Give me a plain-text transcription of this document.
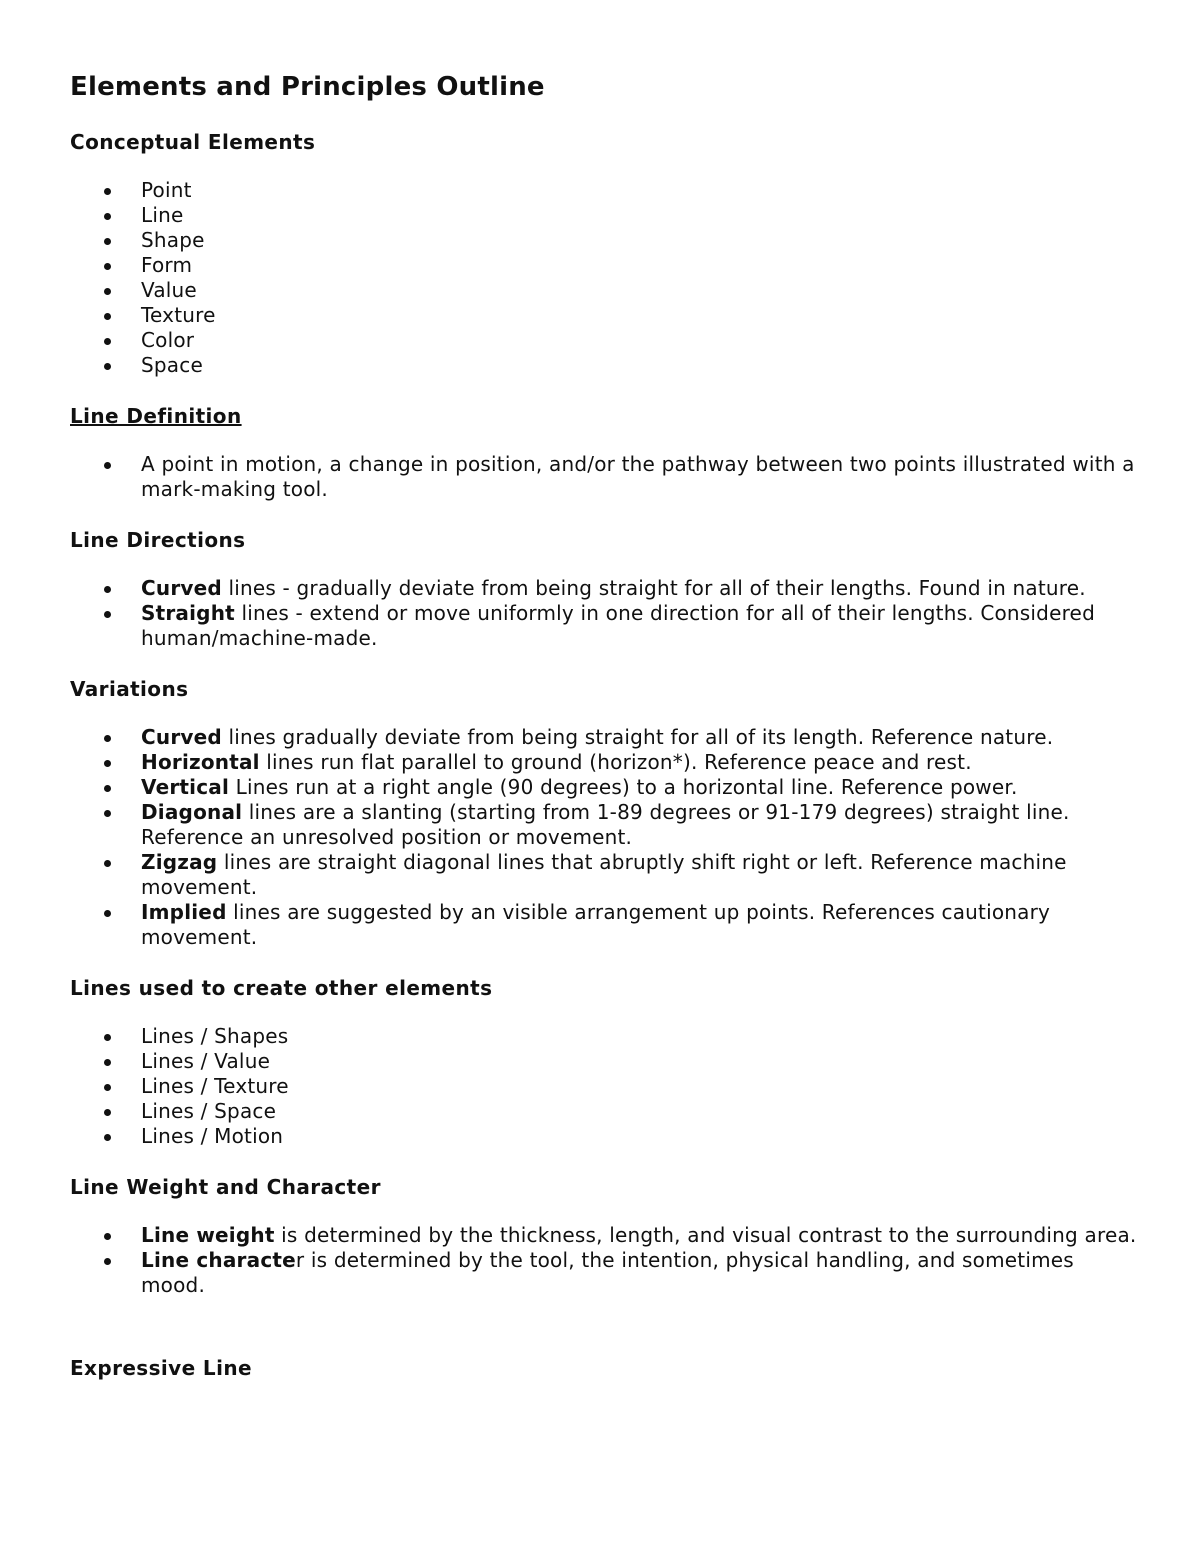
Elements and Principles Outline
Conceptual Elements
Point
Line
Shape
Form
Value
Texture
Color
Space
Line Definition
A point in motion, a change in position, and/or the pathway between two points illustrated with a mark-making tool.
Line Directions
Curved lines - gradually deviate from being straight for all of their lengths. Found in nature.
Straight lines - extend or move uniformly in one direction for all of their lengths. Considered human/machine-made.
Variations
Curved lines gradually deviate from being straight for all of its length. Reference nature.
Horizontal lines run flat parallel to ground (horizon*). Reference peace and rest.
Vertical Lines run at a right angle (90 degrees) to a horizontal line. Reference power.
Diagonal lines are a slanting (starting from 1-89 degrees or 91-179 degrees) straight line. Reference an unresolved position or movement.
Zigzag lines are straight diagonal lines that abruptly shift right or left. Reference machine movement.
Implied lines are suggested by an visible arrangement up points. References cautionary movement.
Lines used to create other elements
Lines / Shapes
Lines / Value
Lines / Texture
Lines / Space
Lines / Motion
Line Weight and Character
Line weight is determined by the thickness, length, and visual contrast to the surrounding area.
Line character is determined by the tool, the intention, physical handling, and sometimes mood.
Expressive Line
